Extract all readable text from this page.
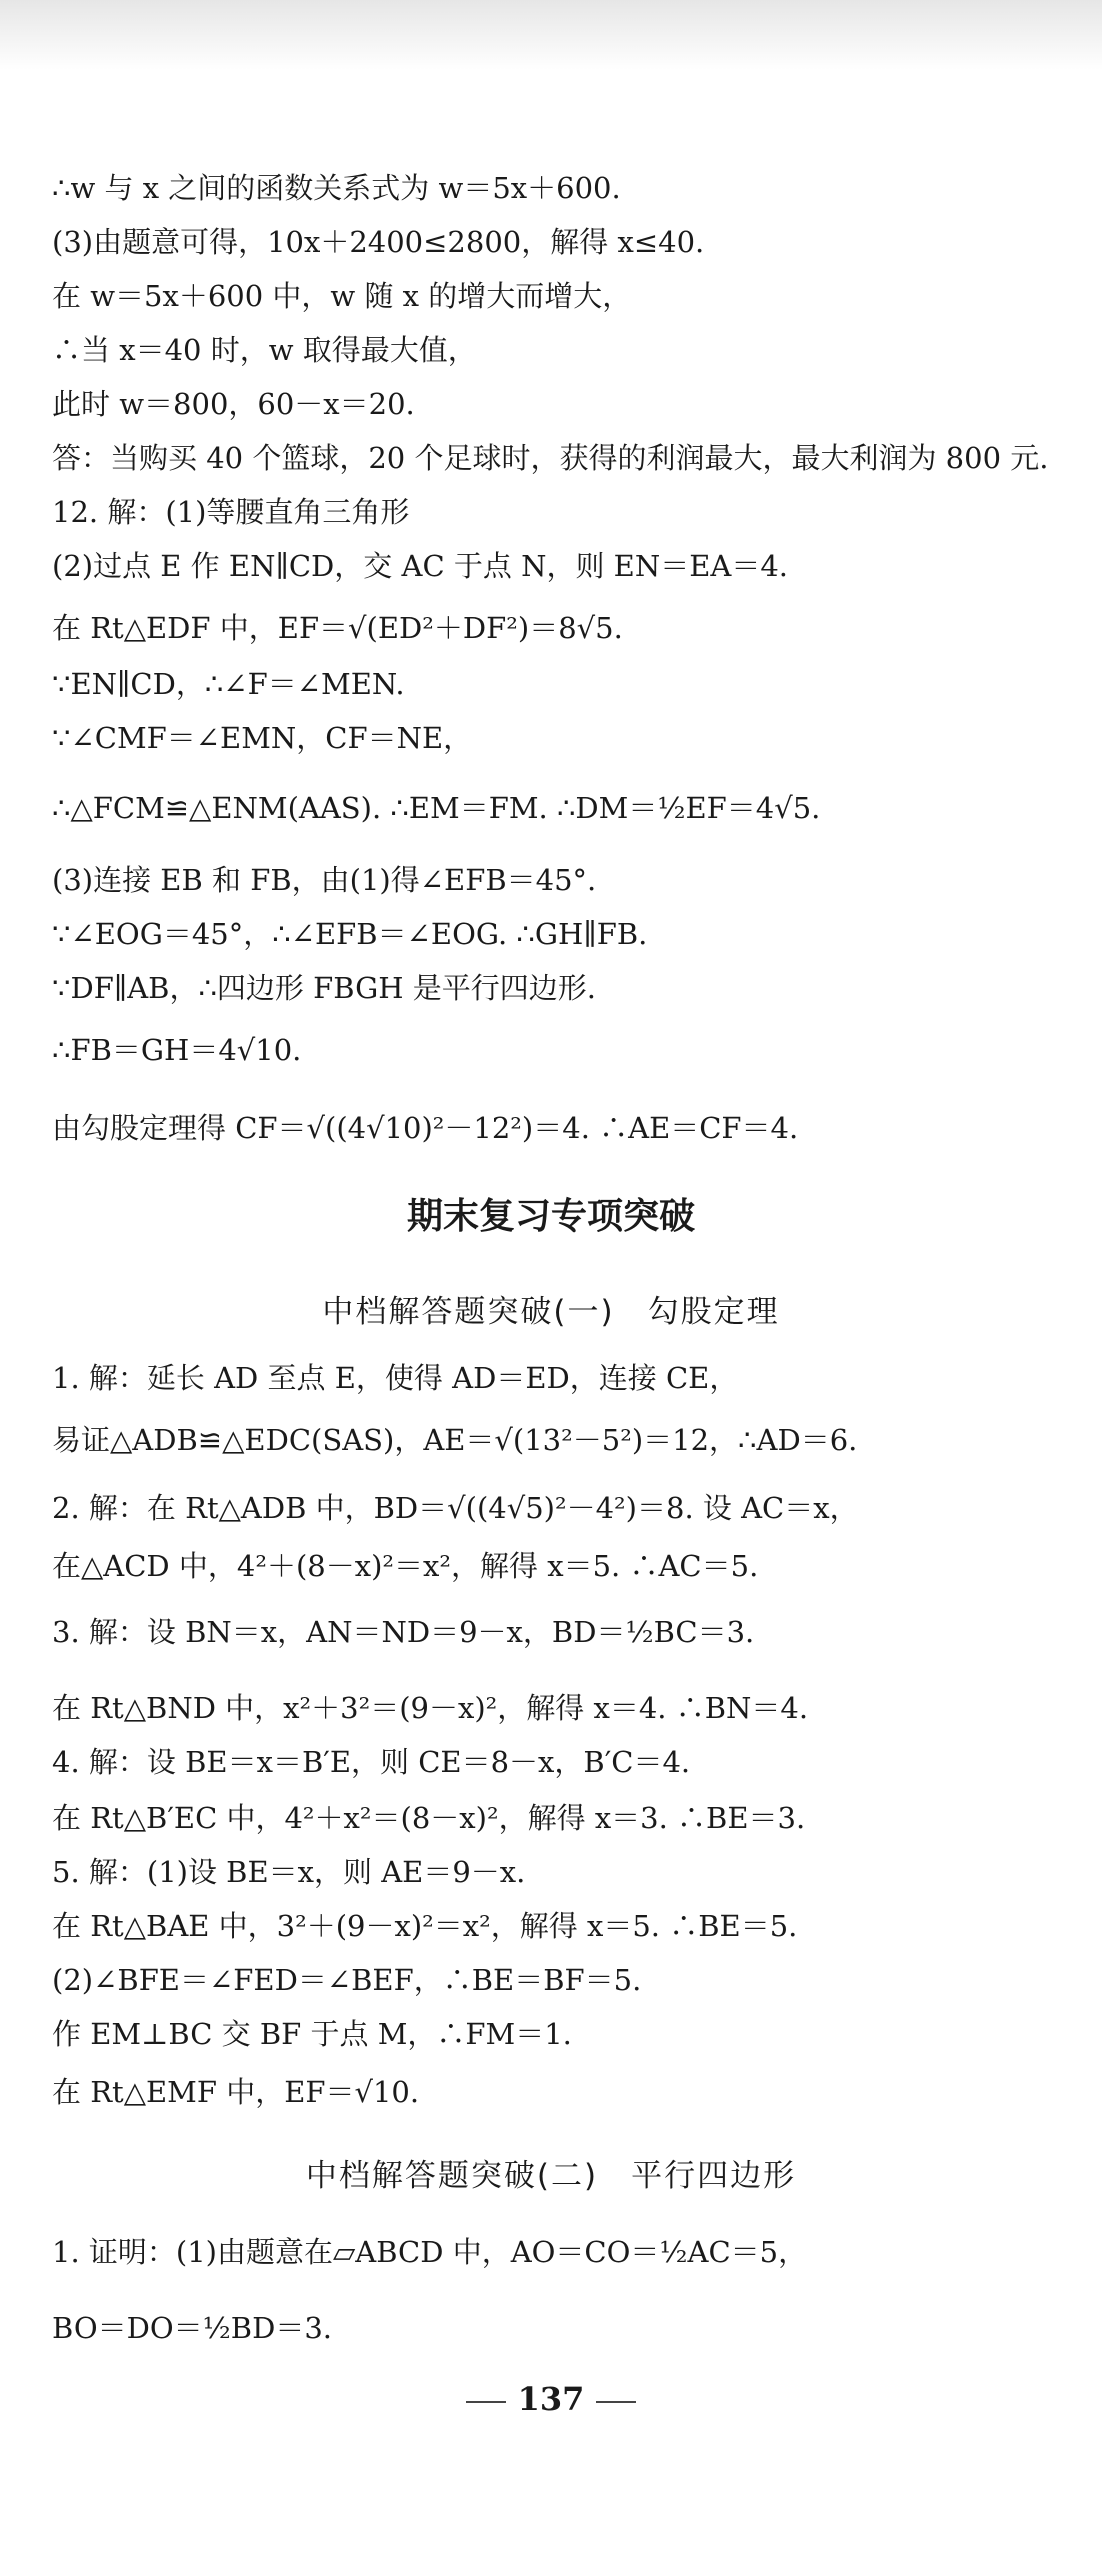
∴w 与 x 之间的函数关系式为 w＝5x＋600.
(3)由题意可得，10x＋2400≤2800，解得 x≤40.
在 w＝5x＋600 中，w 随 x 的增大而增大，
∴当 x＝40 时，w 取得最大值，
此时 w＝800，60－x＝20.
答：当购买 40 个篮球，20 个足球时，获得的利润最大，最大利润为 800 元.
12. 解：(1)等腰直角三角形
(2)过点 E 作 EN∥CD，交 AC 于点 N，则 EN＝EA＝4.
在 Rt△EDF 中，EF＝√(ED²＋DF²)＝8√5.
∵EN∥CD，∴∠F＝∠MEN.
∵∠CMF＝∠EMN，CF＝NE，
∴△FCM≌△ENM(AAS). ∴EM＝FM. ∴DM＝½EF＝4√5.
(3)连接 EB 和 FB，由(1)得∠EFB＝45°.
∵∠EOG＝45°，∴∠EFB＝∠EOG. ∴GH∥FB.
∵DF∥AB，∴四边形 FBGH 是平行四边形.
∴FB＝GH＝4√10.
由勾股定理得 CF＝√((4√10)²－12²)＝4. ∴AE＝CF＝4.
期末复习专项突破
中档解答题突破(一)　勾股定理
1. 解：延长 AD 至点 E，使得 AD＝ED，连接 CE，
易证△ADB≌△EDC(SAS)，AE＝√(13²－5²)＝12，∴AD＝6.
2. 解：在 Rt△ADB 中，BD＝√((4√5)²－4²)＝8. 设 AC＝x，
在△ACD 中，4²＋(8－x)²＝x²，解得 x＝5. ∴AC＝5.
3. 解：设 BN＝x，AN＝ND＝9－x，BD＝½BC＝3.
在 Rt△BND 中，x²＋3²＝(9－x)²，解得 x＝4. ∴BN＝4.
4. 解：设 BE＝x＝B′E，则 CE＝8－x，B′C＝4.
在 Rt△B′EC 中，4²＋x²＝(8－x)²，解得 x＝3. ∴BE＝3.
5. 解：(1)设 BE＝x，则 AE＝9－x.
在 Rt△BAE 中，3²＋(9－x)²＝x²，解得 x＝5. ∴BE＝5.
(2)∠BFE＝∠FED＝∠BEF，∴BE＝BF＝5.
作 EM⊥BC 交 BF 于点 M，∴FM＝1.
在 Rt△EMF 中，EF＝√10.
中档解答题突破(二)　平行四边形
1. 证明：(1)由题意在▱ABCD 中，AO＝CO＝½AC＝5，
BO＝DO＝½BD＝3.
137
